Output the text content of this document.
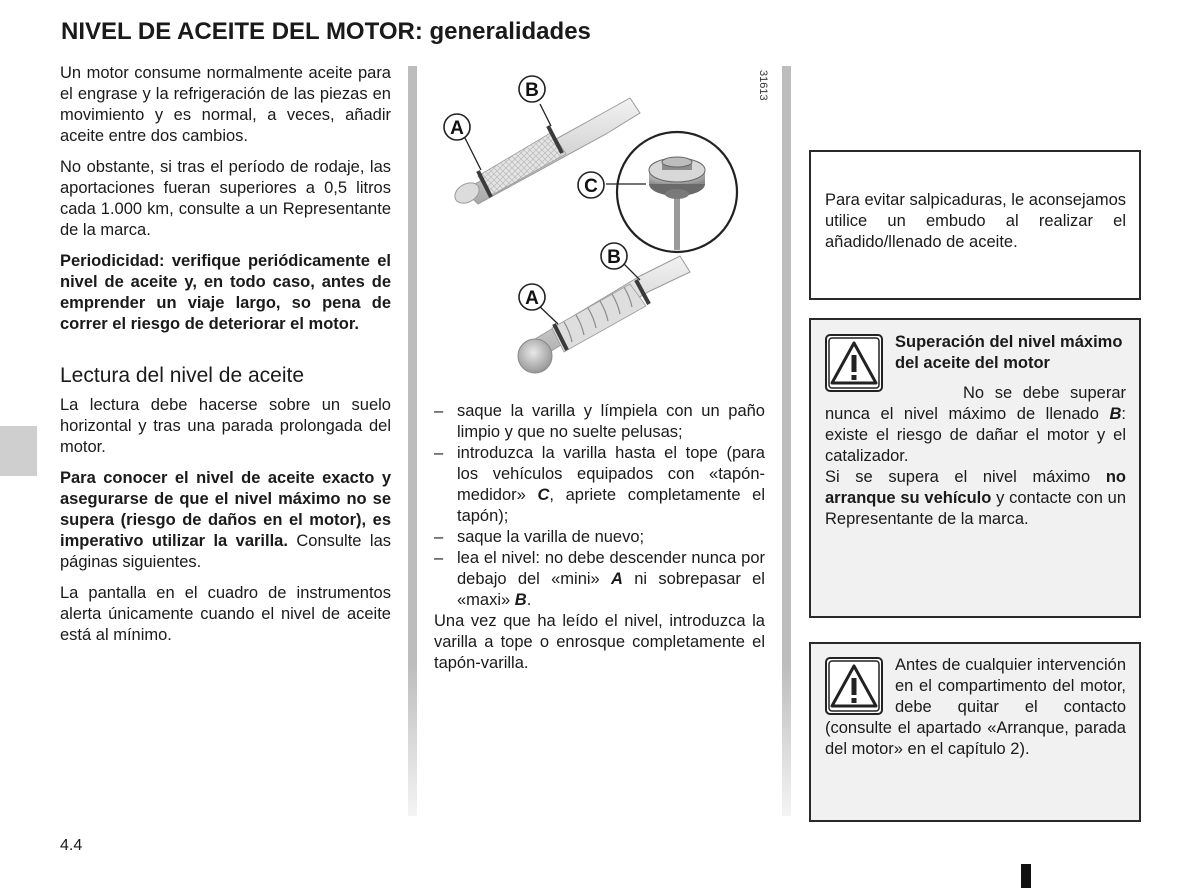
NIVEL DE ACEITE DEL MOTOR: generalidades

Un motor consume normalmente aceite para el engrase y la refrigeración de las piezas en movimiento y es normal, a veces, añadir aceite entre dos cambios.

No obstante, si tras el período de rodaje, las aportaciones fueran superiores a 0,5 litros cada 1.000 km, consulte a un Representante de la marca.

Periodicidad: verifique periódicamente el nivel de aceite y, en todo caso, antes de emprender un viaje largo, so pena de correr el riesgo de deteriorar el motor.

Lectura del nivel de aceite

La lectura debe hacerse sobre un suelo horizontal y tras una parada prolongada del motor.

Para conocer el nivel de aceite exacto y asegurarse de que el nivel máximo no se supera (riesgo de daños en el motor), es imperativo utilizar la varilla. Consulte las páginas siguientes.

La pantalla en el cuadro de instrumentos alerta únicamente cuando el nivel de aceite está al mínimo.

A
B
C
B
A
31613
– saque la varilla y límpiela con un paño limpio y que no suelte pelusas;
– introduzca la varilla hasta el tope (para los vehículos equipados con «tapón-medidor» C, apriete completamente el tapón);
– saque la varilla de nuevo;
– lea el nivel: no debe descender nunca por debajo del «mini» A ni sobrepasar el «maxi» B.

Una vez que ha leído el nivel, introduzca la varilla a tope o enrosque completamente el tapón-varilla.

Para evitar salpicaduras, le aconsejamos utilice un embudo al realizar el añadido/llenado de aceite.

Superación del nivel máximo del aceite del motor

No se debe superar nunca el nivel máximo de llenado B: existe el riesgo de dañar el motor y el catalizador.

Si se supera el nivel máximo no arranque su vehículo y contacte con un Representante de la marca.

Antes de cualquier intervención en el compartimento del motor, debe quitar el contacto (consulte el apartado «Arranque, parada del motor» en el capítulo 2).

4.4
